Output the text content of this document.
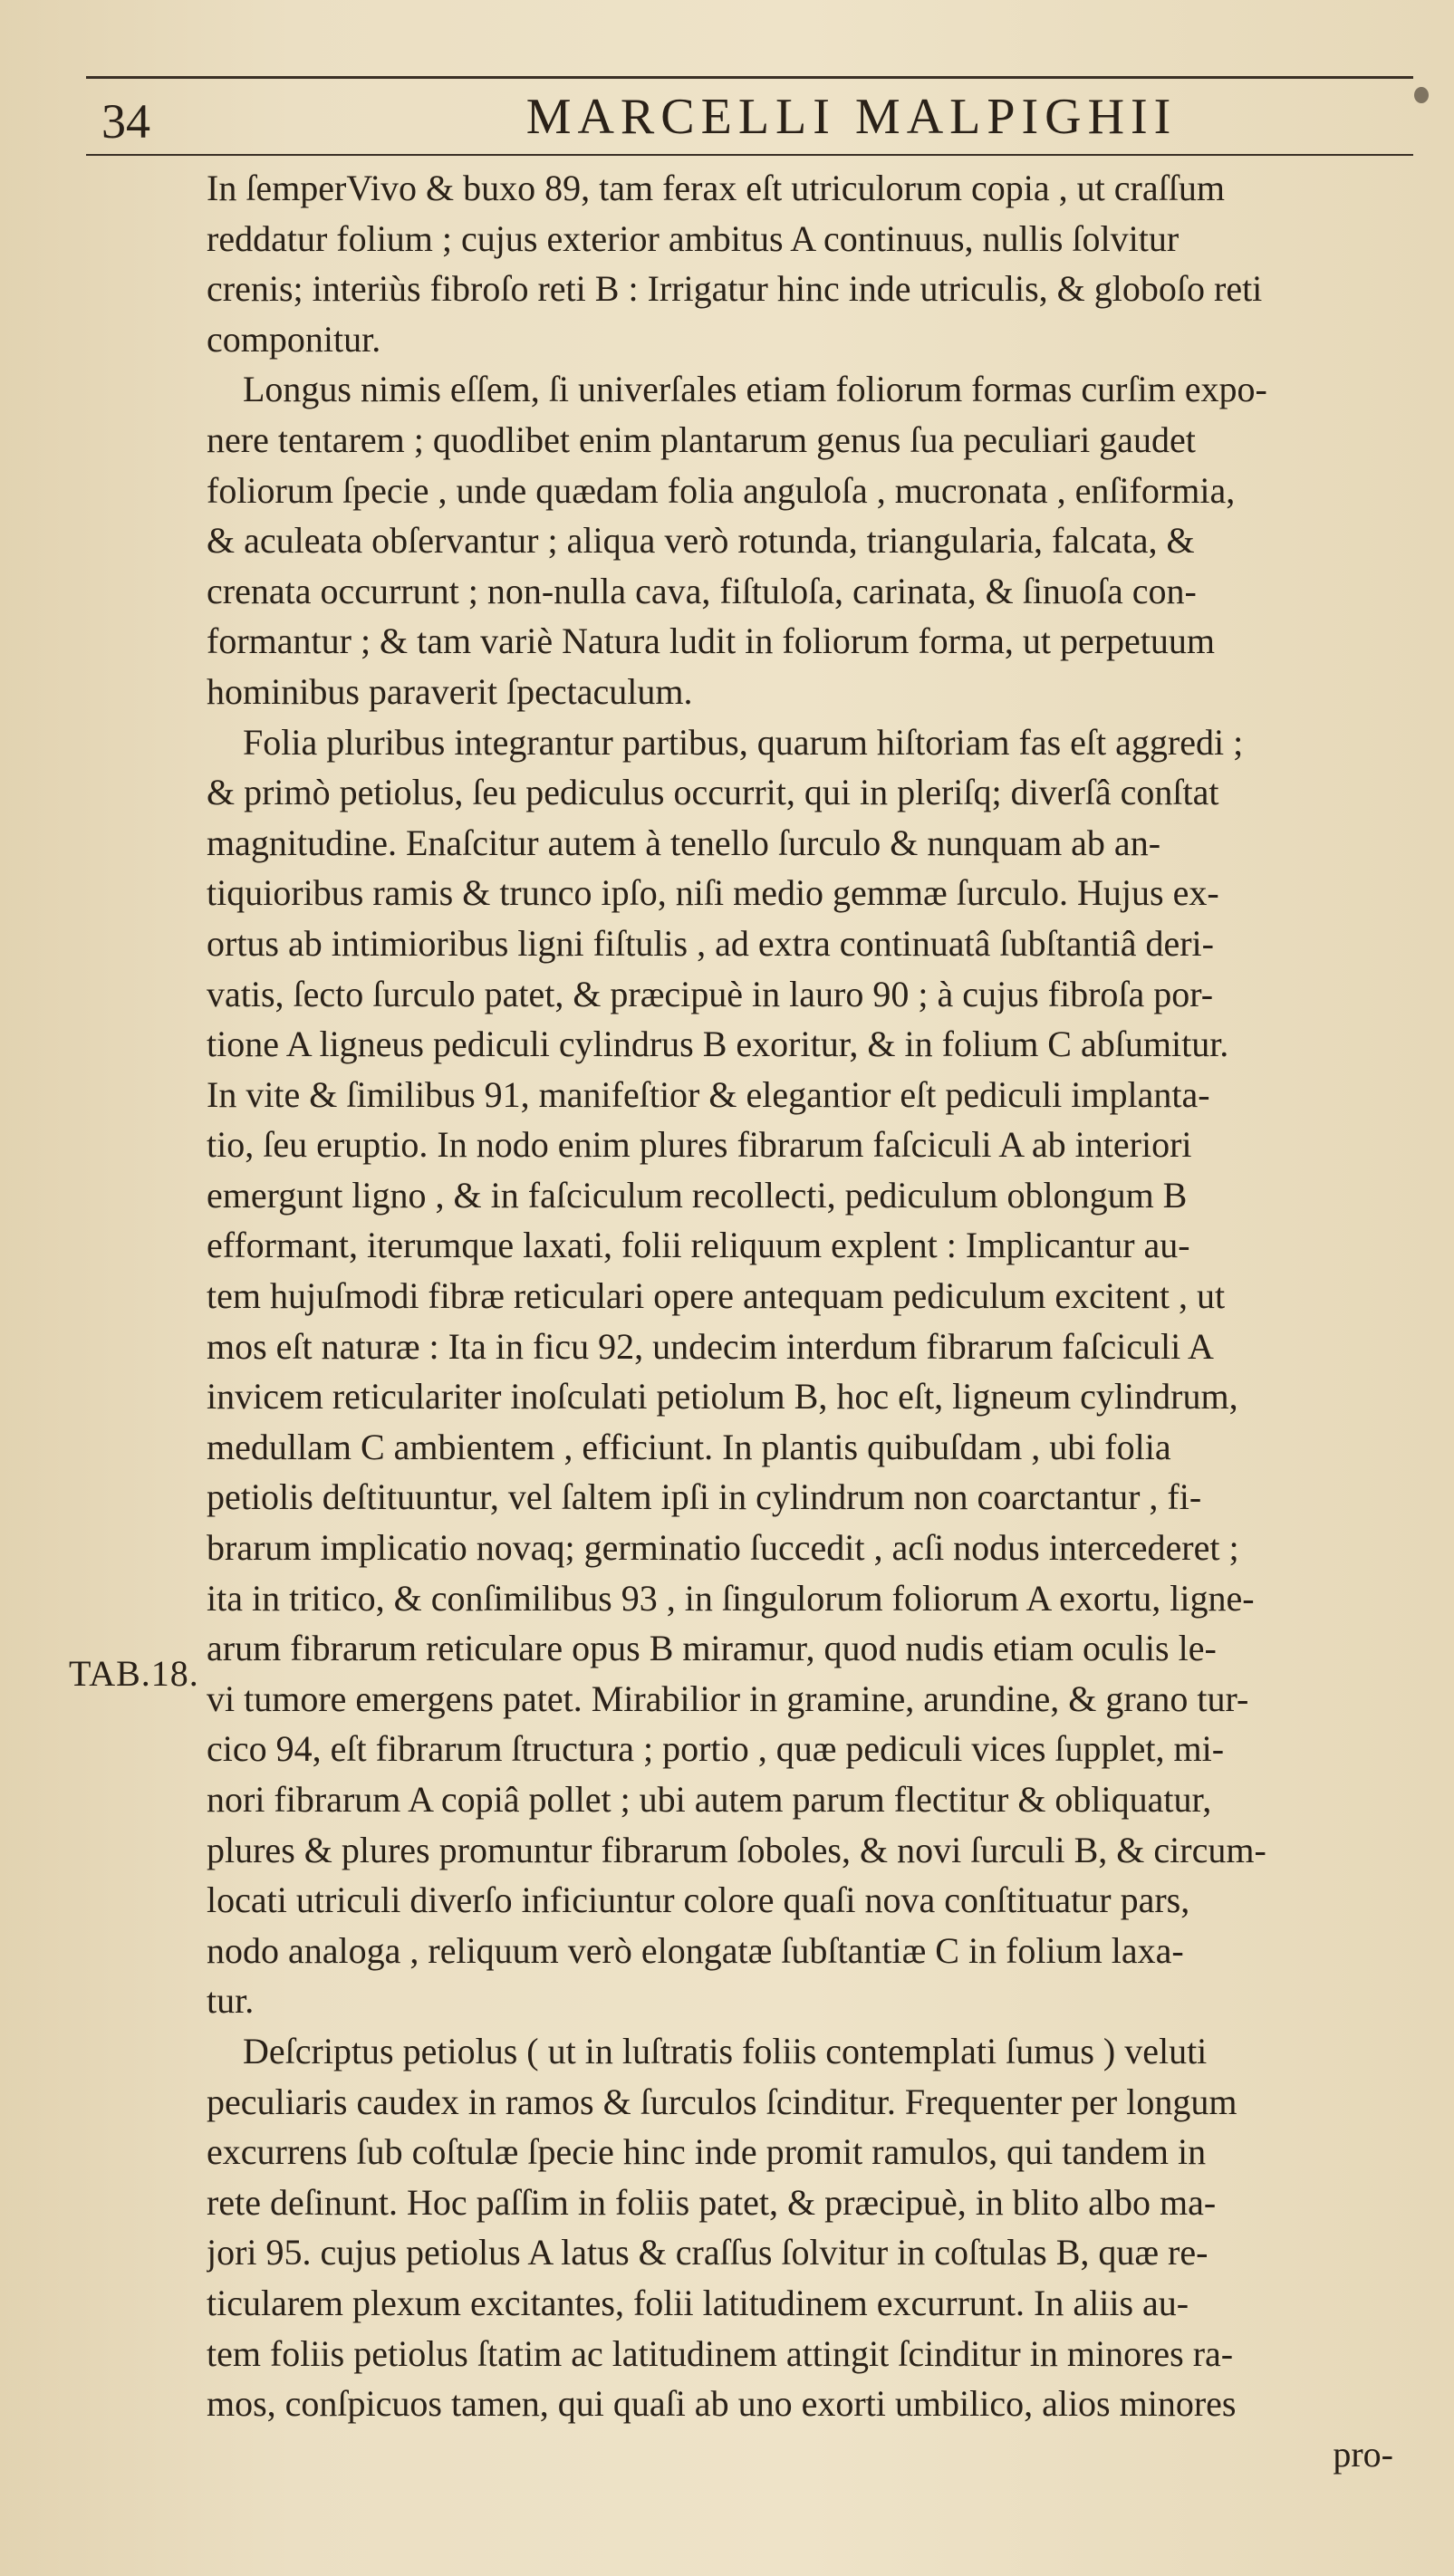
34	MARCELLI MALPIGHII
TAB.18.
In ſemperVivo & buxo 89, tam ferax eſt utriculorum copia , ut craſſum
reddatur folium ; cujus exterior ambitus A continuus, nullis ſolvitur
crenis; interiùs fibroſo reti B : Irrigatur hinc inde utriculis, & globoſo reti
componitur.
Longus nimis eſſem, ſi univerſales etiam foliorum formas curſim expo-
nere tentarem ; quodlibet enim plantarum genus ſua peculiari gaudet
foliorum ſpecie , unde quædam folia anguloſa , mucronata , enſiformia,
& aculeata obſervantur ; aliqua verò rotunda, triangularia, falcata, &
crenata occurrunt ; non-nulla cava, fiſtuloſa, carinata, & ſinuoſa con-
formantur ; & tam variè Natura ludit in foliorum forma, ut perpetuum
hominibus paraverit ſpectaculum.
Folia pluribus integrantur partibus, quarum hiſtoriam fas eſt aggredi ;
& primò petiolus, ſeu pediculus occurrit, qui in pleriſq; diverſâ conſtat
magnitudine. Enaſcitur autem à tenello ſurculo & nunquam ab an-
tiquioribus ramis & trunco ipſo, niſi medio gemmæ ſurculo. Hujus ex-
ortus ab intimioribus ligni fiſtulis , ad extra continuatâ ſubſtantiâ deri-
vatis, ſecto ſurculo patet, & præcipuè in lauro 90 ; à cujus fibroſa por-
tione A ligneus pediculi cylindrus B exoritur, & in folium C abſumitur.
In vite & ſimilibus 91, manifeſtior & elegantior eſt pediculi implanta-
tio, ſeu eruptio. In nodo enim plures fibrarum faſciculi A ab interiori
emergunt ligno , & in faſciculum recollecti, pediculum oblongum B
efformant, iterumque laxati, folii reliquum explent : Implicantur au-
tem hujuſmodi fibræ reticulari opere antequam pediculum excitent , ut
mos eſt naturæ : Ita in ficu 92, undecim interdum fibrarum faſciculi A
invicem reticulariter inoſculati petiolum B, hoc eſt, ligneum cylindrum,
medullam C ambientem , efficiunt. In plantis quibuſdam , ubi folia
petiolis deſtituuntur, vel ſaltem ipſi in cylindrum non coarctantur , fi-
brarum implicatio novaq; germinatio ſuccedit , acſi nodus intercederet ;
ita in tritico, & conſimilibus 93 , in ſingulorum foliorum A exortu, ligne-
arum fibrarum reticulare opus B miramur, quod nudis etiam oculis le-
vi tumore emergens patet. Mirabilior in gramine, arundine, & grano tur-
cico 94, eſt fibrarum ſtructura ; portio , quæ pediculi vices ſupplet, mi-
nori fibrarum A copiâ pollet ; ubi autem parum flectitur & obliquatur,
plures & plures promuntur fibrarum ſoboles, & novi ſurculi B, & circum-
locati utriculi diverſo inficiuntur colore quaſi nova conſtituatur pars,
nodo analoga , reliquum verò elongatæ ſubſtantiæ C in folium laxa-
tur.
Deſcriptus petiolus ( ut in luſtratis foliis contemplati ſumus ) veluti
peculiaris caudex in ramos & ſurculos ſcinditur. Frequenter per longum
excurrens ſub coſtulæ ſpecie hinc inde promit ramulos, qui tandem in
rete deſinunt. Hoc paſſim in foliis patet, & præcipuè, in blito albo ma-
jori 95. cujus petiolus A latus & craſſus ſolvitur in coſtulas B, quæ re-
ticularem plexum excitantes, folii latitudinem excurrunt. In aliis au-
tem foliis petiolus ſtatim ac latitudinem attingit ſcinditur in minores ra-
mos, conſpicuos tamen, qui quaſi ab uno exorti umbilico, alios minores
pro-
